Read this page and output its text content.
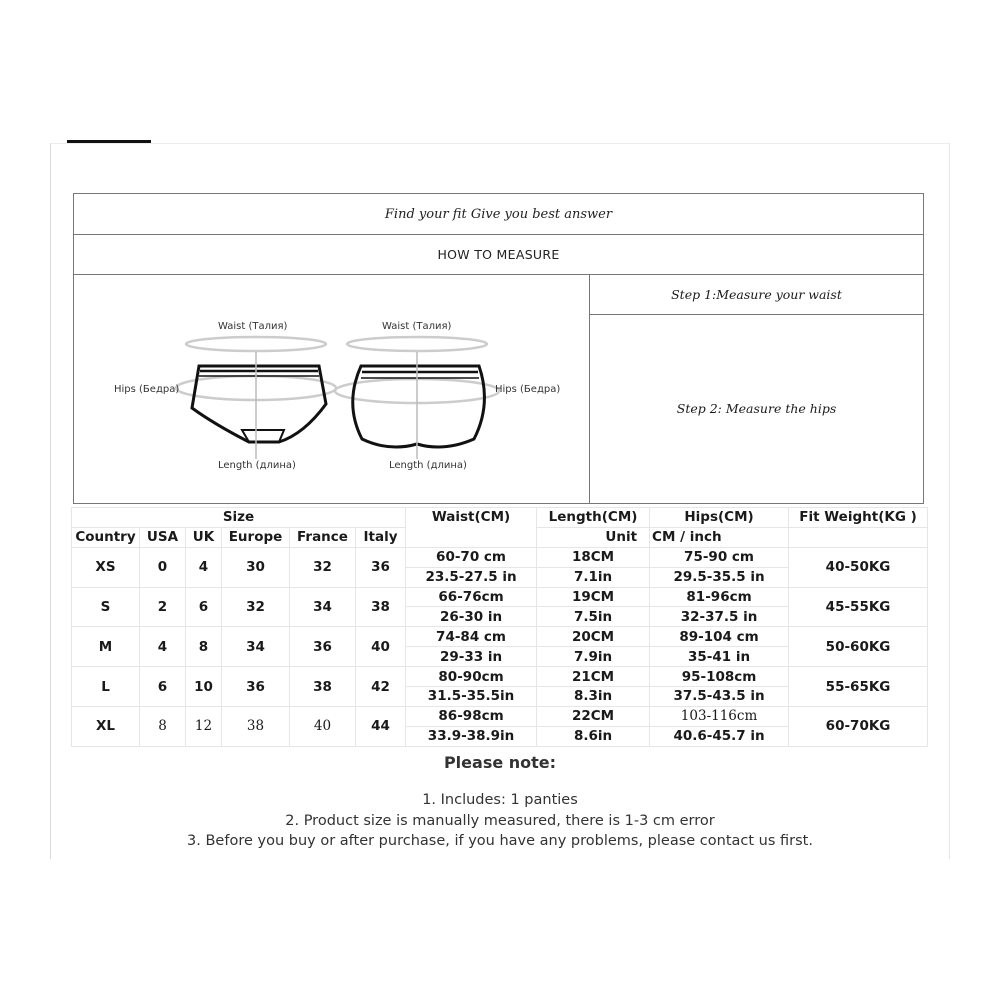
Find your fit Give you best answer
HOW TO MEASURE
Step 1:Measure your waist
Step 2: Measure the hips
Waist (Талия)
Hips (Бедра)
Length (длина)
Waist (Талия)
Hips (Бедра)
Length (длина)
Size						Waist(CM)	Length(CM)	Hips(CM)	Fit Weight(KG )
Country	USA	UK	Europe	France	Italy		Unit	CM / inch	
XS	0	4	30	32	36	60-70 cm	18CM	75-90 cm	40-50KG
						23.5-27.5 in	7.1in	29.5-35.5 in	
S	2	6	32	34	38	66-76cm	19CM	81-96cm	45-55KG
						26-30 in	7.5in	32-37.5 in	
M	4	8	34	36	40	74-84 cm	20CM	89-104 cm	50-60KG
						29-33 in	7.9in	35-41 in	
L	6	10	36	38	42	80-90cm	21CM	95-108cm	55-65KG
						31.5-35.5in	8.3in	37.5-43.5 in	
XL	8	12	38	40	44	86-98cm	22CM	103-116cm	60-70KG
						33.9-38.9in	8.6in	40.6-45.7 in	
Please note:
1. Includes: 1 panties
2. Product size is manually measured, there is 1-3 cm error
3. Before you buy or after purchase, if you have any problems, please contact us first.
